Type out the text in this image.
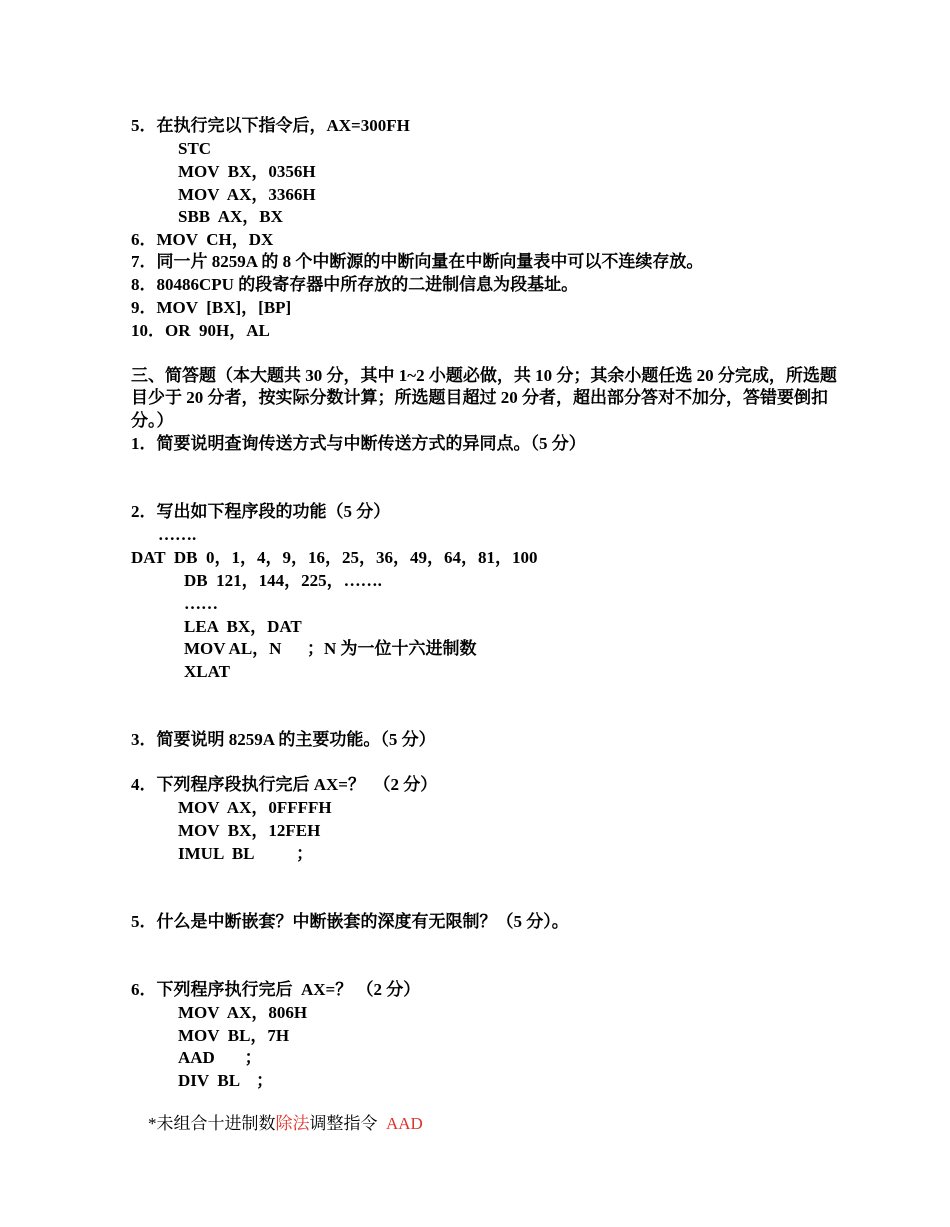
5．在执行完以下指令后，AX=300FH
STC
MOV  BX，0356H
MOV  AX，3366H
SBB  AX，BX
6．MOV  CH，DX
7．同一片 8259A 的 8 个中断源的中断向量在中断向量表中可以不连续存放。
8．80486CPU 的段寄存器中所存放的二进制信息为段基址。
9．MOV  [BX]，[BP]
10．OR  90H，AL
三、简答题（本大题共 30 分，其中 1~2 小题必做，共 10 分；其余小题任选 20 分完成，所选题
目少于 20 分者，按实际分数计算；所选题目超过 20 分者，超出部分答对不加分，答错要倒扣
分。）
1．简要说明查询传送方式与中断传送方式的异同点。（5 分）
2．写出如下程序段的功能（5 分）
…….
DAT  DB  0，1，4，9，16，25，36，49，64，81，100
DB  121，144，225，…….
……
LEA  BX，DAT
MOV AL，N      ；N 为一位十六进制数
XLAT
3．简要说明 8259A 的主要功能。（5 分）
4．下列程序段执行完后 AX=？  （2 分）
MOV  AX，0FFFFH
MOV  BX，12FEH
IMUL  BL          ；
5．什么是中断嵌套？中断嵌套的深度有无限制？（5 分）。
6．下列程序执行完后  AX=？ （2 分）
MOV  AX，806H
MOV  BL，7H
AAD       ；
DIV  BL    ；

*未组合十进制数除法调整指令 AAD
